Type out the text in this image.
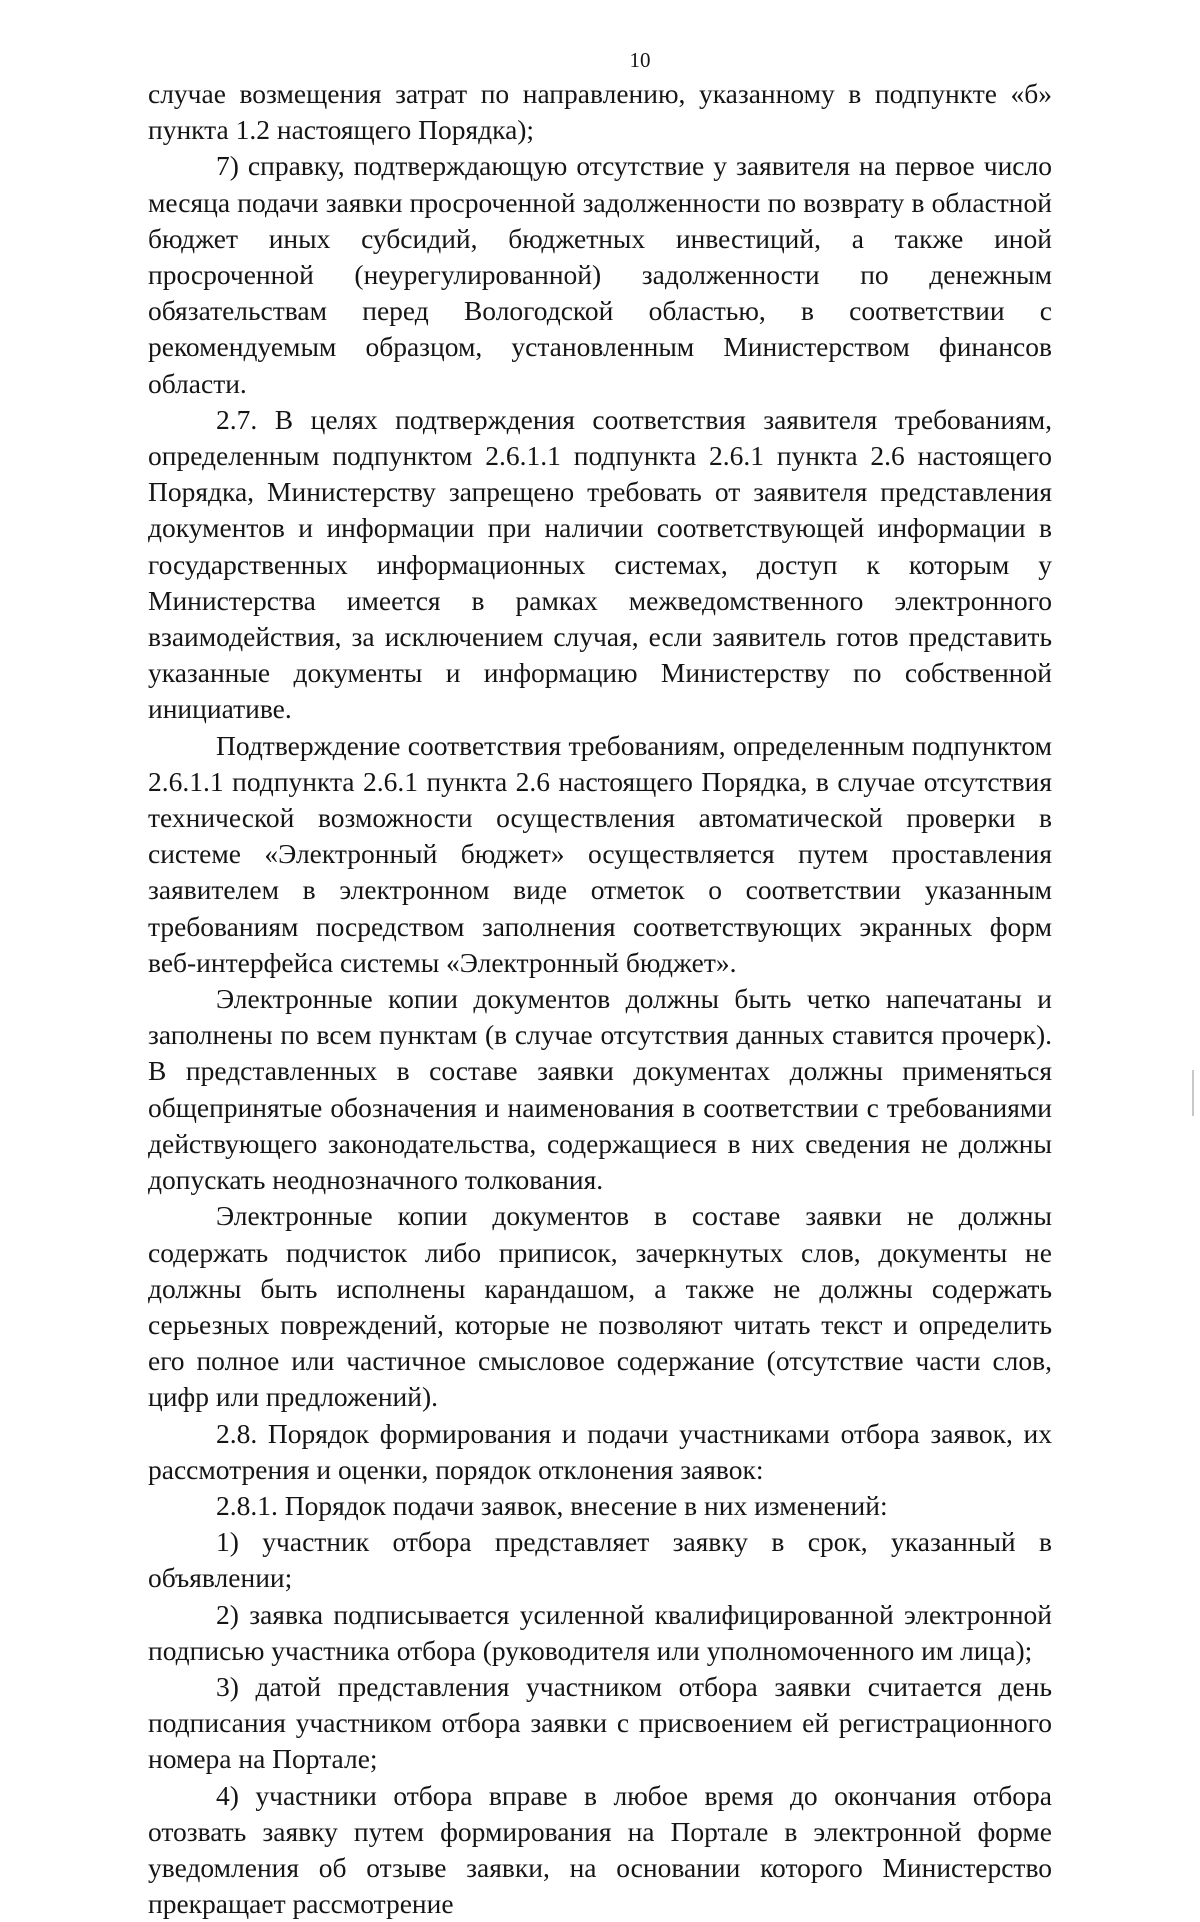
10

случае возмещения затрат по направлению, указанному в подпункте «б» пункта 1.2 настоящего Порядка);

7) справку, подтверждающую отсутствие у заявителя на первое число месяца подачи заявки просроченной задолженности по возврату в областной бюджет иных субсидий, бюджетных инвестиций, а также иной просроченной (неурегулированной) задолженности по денежным обязательствам перед Вологодской областью, в соответствии с рекомендуемым образцом, установленным Министерством финансов области.

2.7. В целях подтверждения соответствия заявителя требованиям, определенным подпунктом 2.6.1.1 подпункта 2.6.1 пункта 2.6 настоящего Порядка, Министерству запрещено требовать от заявителя представления документов и информации при наличии соответствующей информации в государственных информационных системах, доступ к которым у Министерства имеется в рамках межведомственного электронного взаимодействия, за исключением случая, если заявитель готов представить указанные документы и информацию Министерству по собственной инициативе.

Подтверждение соответствия требованиям, определенным подпунктом 2.6.1.1 подпункта 2.6.1 пункта 2.6 настоящего Порядка, в случае отсутствия технической возможности осуществления автоматической проверки в системе «Электронный бюджет» осуществляется путем проставления заявителем в электронном виде отметок о соответствии указанным требованиям посредством заполнения соответствующих экранных форм веб-интерфейса системы «Электронный бюджет».

Электронные копии документов должны быть четко напечатаны и заполнены по всем пунктам (в случае отсутствия данных ставится прочерк). В представленных в составе заявки документах должны применяться общепринятые обозначения и наименования в соответствии с требованиями действующего законодательства, содержащиеся в них сведения не должны допускать неоднозначного толкования.

Электронные копии документов в составе заявки не должны содержать подчисток либо приписок, зачеркнутых слов, документы не должны быть исполнены карандашом, а также не должны содержать серьезных повреждений, которые не позволяют читать текст и определить его полное или частичное смысловое содержание (отсутствие части слов, цифр или предложений).

2.8. Порядок формирования и подачи участниками отбора заявок, их рассмотрения и оценки, порядок отклонения заявок:

2.8.1. Порядок подачи заявок, внесение в них изменений:

1) участник отбора представляет заявку в срок, указанный в объявлении;

2) заявка подписывается усиленной квалифицированной электронной подписью участника отбора (руководителя или уполномоченного им лица);

3) датой представления участником отбора заявки считается день подписания участником отбора заявки с присвоением ей регистрационного номера на Портале;

4) участники отбора вправе в любое время до окончания отбора отозвать заявку путем формирования на Портале в электронной форме уведомления об отзыве заявки, на основании которого Министерство прекращает рассмотрение
